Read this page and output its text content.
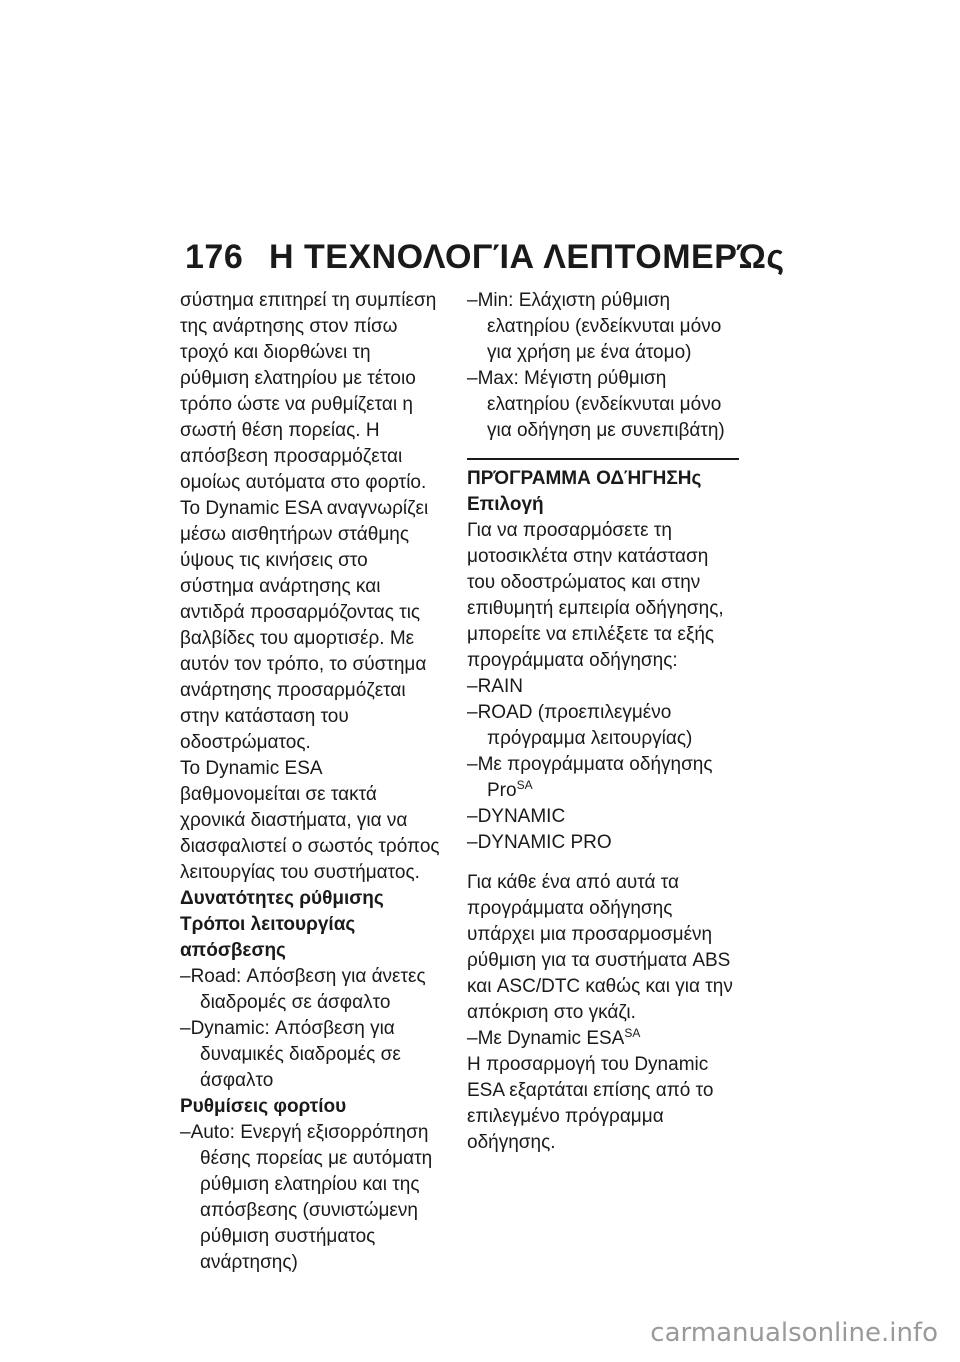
176 Η ΤΕΧΝΟΛΟΓΊΑ ΛΕΠΤΟΜΕΡΏς

σύστημα επιτηρεί τη συμπίεση της ανάρτησης στον πίσω τροχό και διορθώνει τη ρύθμιση ελατηρίου με τέτοιο τρόπο ώστε να ρυθμίζεται η σωστή θέση πορείας. Η απόσβεση προσαρμόζεται ομοίως αυτόματα στο φορτίο.

Το Dynamic ESA αναγνωρίζει μέσω αισθητήρων στάθμης ύψους τις κινήσεις στο σύστημα ανάρτησης και αντιδρά προσαρμόζοντας τις βαλβίδες του αμορτισέρ. Με αυτόν τον τρόπο, το σύστημα ανάρτησης προσαρμόζεται στην κατάσταση του οδοστρώματος.

Το Dynamic ESA βαθμονομείται σε τακτά χρονικά διαστήματα, για να διασφαλιστεί ο σωστός τρόπος λειτουργίας του συστήματος.

Δυνατότητες ρύθμισης

Τρόποι λειτουργίας απόσβεσης

–Road: Απόσβεση για άνετες διαδρομές σε άσφαλτο

–Dynamic: Απόσβεση για δυναμικές διαδρομές σε άσφαλτο

Ρυθμίσεις φορτίου

–Auto: Ενεργή εξισορρόπηση θέσης πορείας με αυτόματη ρύθμιση ελατηρίου και της απόσβεσης (συνιστώμενη ρύθμιση συστήματος ανάρτησης)

–Min: Ελάχιστη ρύθμιση ελατηρίου (ενδείκνυται μόνο για χρήση με ένα άτομο)

–Max: Μέγιστη ρύθμιση ελατηρίου (ενδείκνυται μόνο για οδήγηση με συνεπιβάτη)

ΠΡΌΓΡΑΜΜΑ ΟΔΉΓΗΣΗς

Επιλογή

Για να προσαρμόσετε τη μοτοσικλέτα στην κατάσταση του οδοστρώματος και στην επιθυμητή εμπειρία οδήγησης, μπορείτε να επιλέξετε τα εξής προγράμματα οδήγησης:

–RAIN

–ROAD (προεπιλεγμένο πρόγραμμα λειτουργίας)

–Με προγράμματα οδήγησης Pro$^{SA}$

–DYNAMIC

–DYNAMIC PRO

Για κάθε ένα από αυτά τα προγράμματα οδήγησης υπάρχει μια προσαρμοσμένη ρύθμιση για τα συστήματα ABS και ASC/DTC καθώς και για την απόκριση στο γκάζι.

–Με Dynamic $ESA^{SA}$

Η προσαρμογή του Dynamic ESA εξαρτάται επίσης από το επιλεγμένο πρόγραμμα οδήγησης.

carmanualsonline.info
